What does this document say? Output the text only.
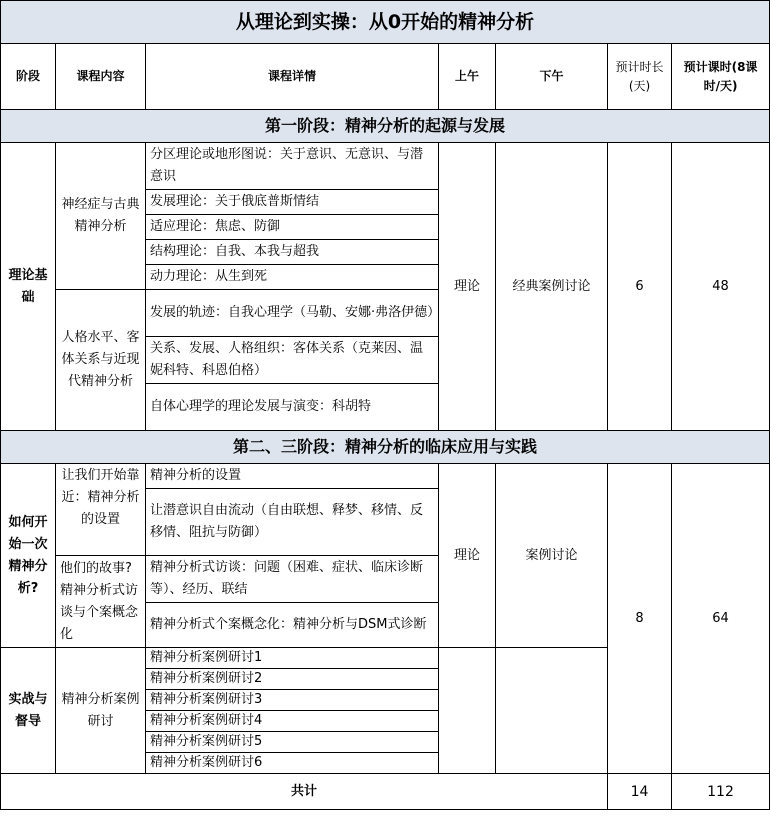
从理论到实操：从0开始的精神分析						
阶段	课程内容	课程详情	上午	下午	预计时长(天)	预计课时(8课时/天)
第一阶段：精神分析的起源与发展						
理论基础	神经症与古典精神分析	分区理论或地形图说：关于意识、无意识、与潜意识	理论	经典案例讨论	6	48
		发展理论：关于俄底普斯情结				
		适应理论：焦虑、防御				
		结构理论：自我、本我与超我				
		动力理论：从生到死				
	人格水平、客体关系与近现代精神分析	发展的轨迹：自我心理学（马勒、安娜·弗洛伊德）				
		关系、发展、人格组织：客体关系（克莱因、温妮科特、科恩伯格）				
		自体心理学的理论发展与演变：科胡特				
第二、三阶段：精神分析的临床应用与实践						
如何开始一次精神分析?	让我们开始靠近：精神分析的设置	精神分析的设置	理论	案例讨论	8	64
		让潜意识自由流动（自由联想、释梦、移情、反移情、阻抗与防御）				
	他们的故事?精神分析式访谈与个案概念化	精神分析式访谈：问题（困难、症状、临床诊断等）、经历、联结				
		精神分析式个案概念化：精神分析与DSM式诊断				
实战与督导	精神分析案例研讨	精神分析案例研讨1				
		精神分析案例研讨2				
		精神分析案例研讨3				
		精神分析案例研讨4				
		精神分析案例研讨5				
		精神分析案例研讨6				
共计					14	112
